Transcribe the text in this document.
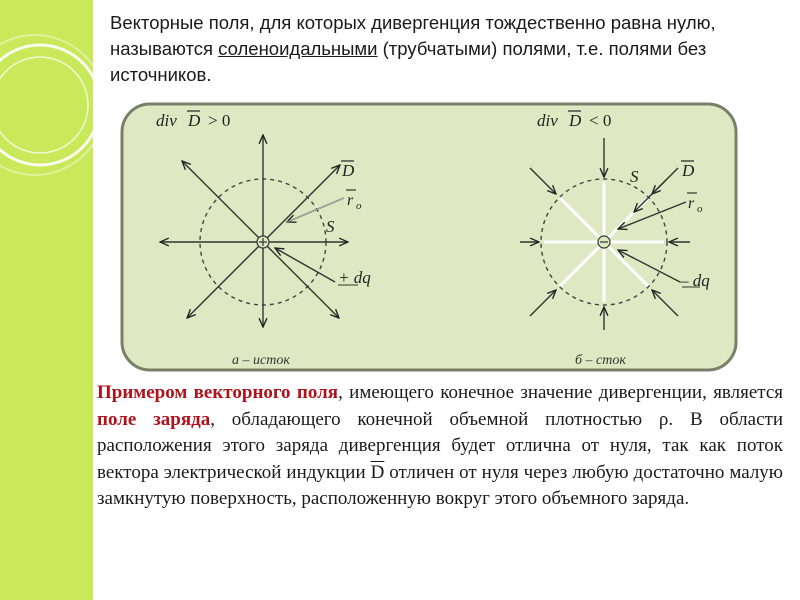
Векторные поля, для которых дивергенция тождественно равна нулю, называются соленоидальными (трубчатыми) полями, т.е. полями без источников.
div D > 0
D
r o
S
+ dq
а – исток
div D < 0
D
r o
S
– dq
б – сток
Примером векторного поля, имеющего конечное значение дивергенции, является поле заряда, обладающего конечной объемной плотностью ρ. В области расположения этого заряда дивергенция будет отлична от нуля, так как поток вектора электрической индукции $\overline{D}$ отличен от нуля через любую достаточно малую замкнутую поверхность, расположенную вокруг этого объемного заряда.
